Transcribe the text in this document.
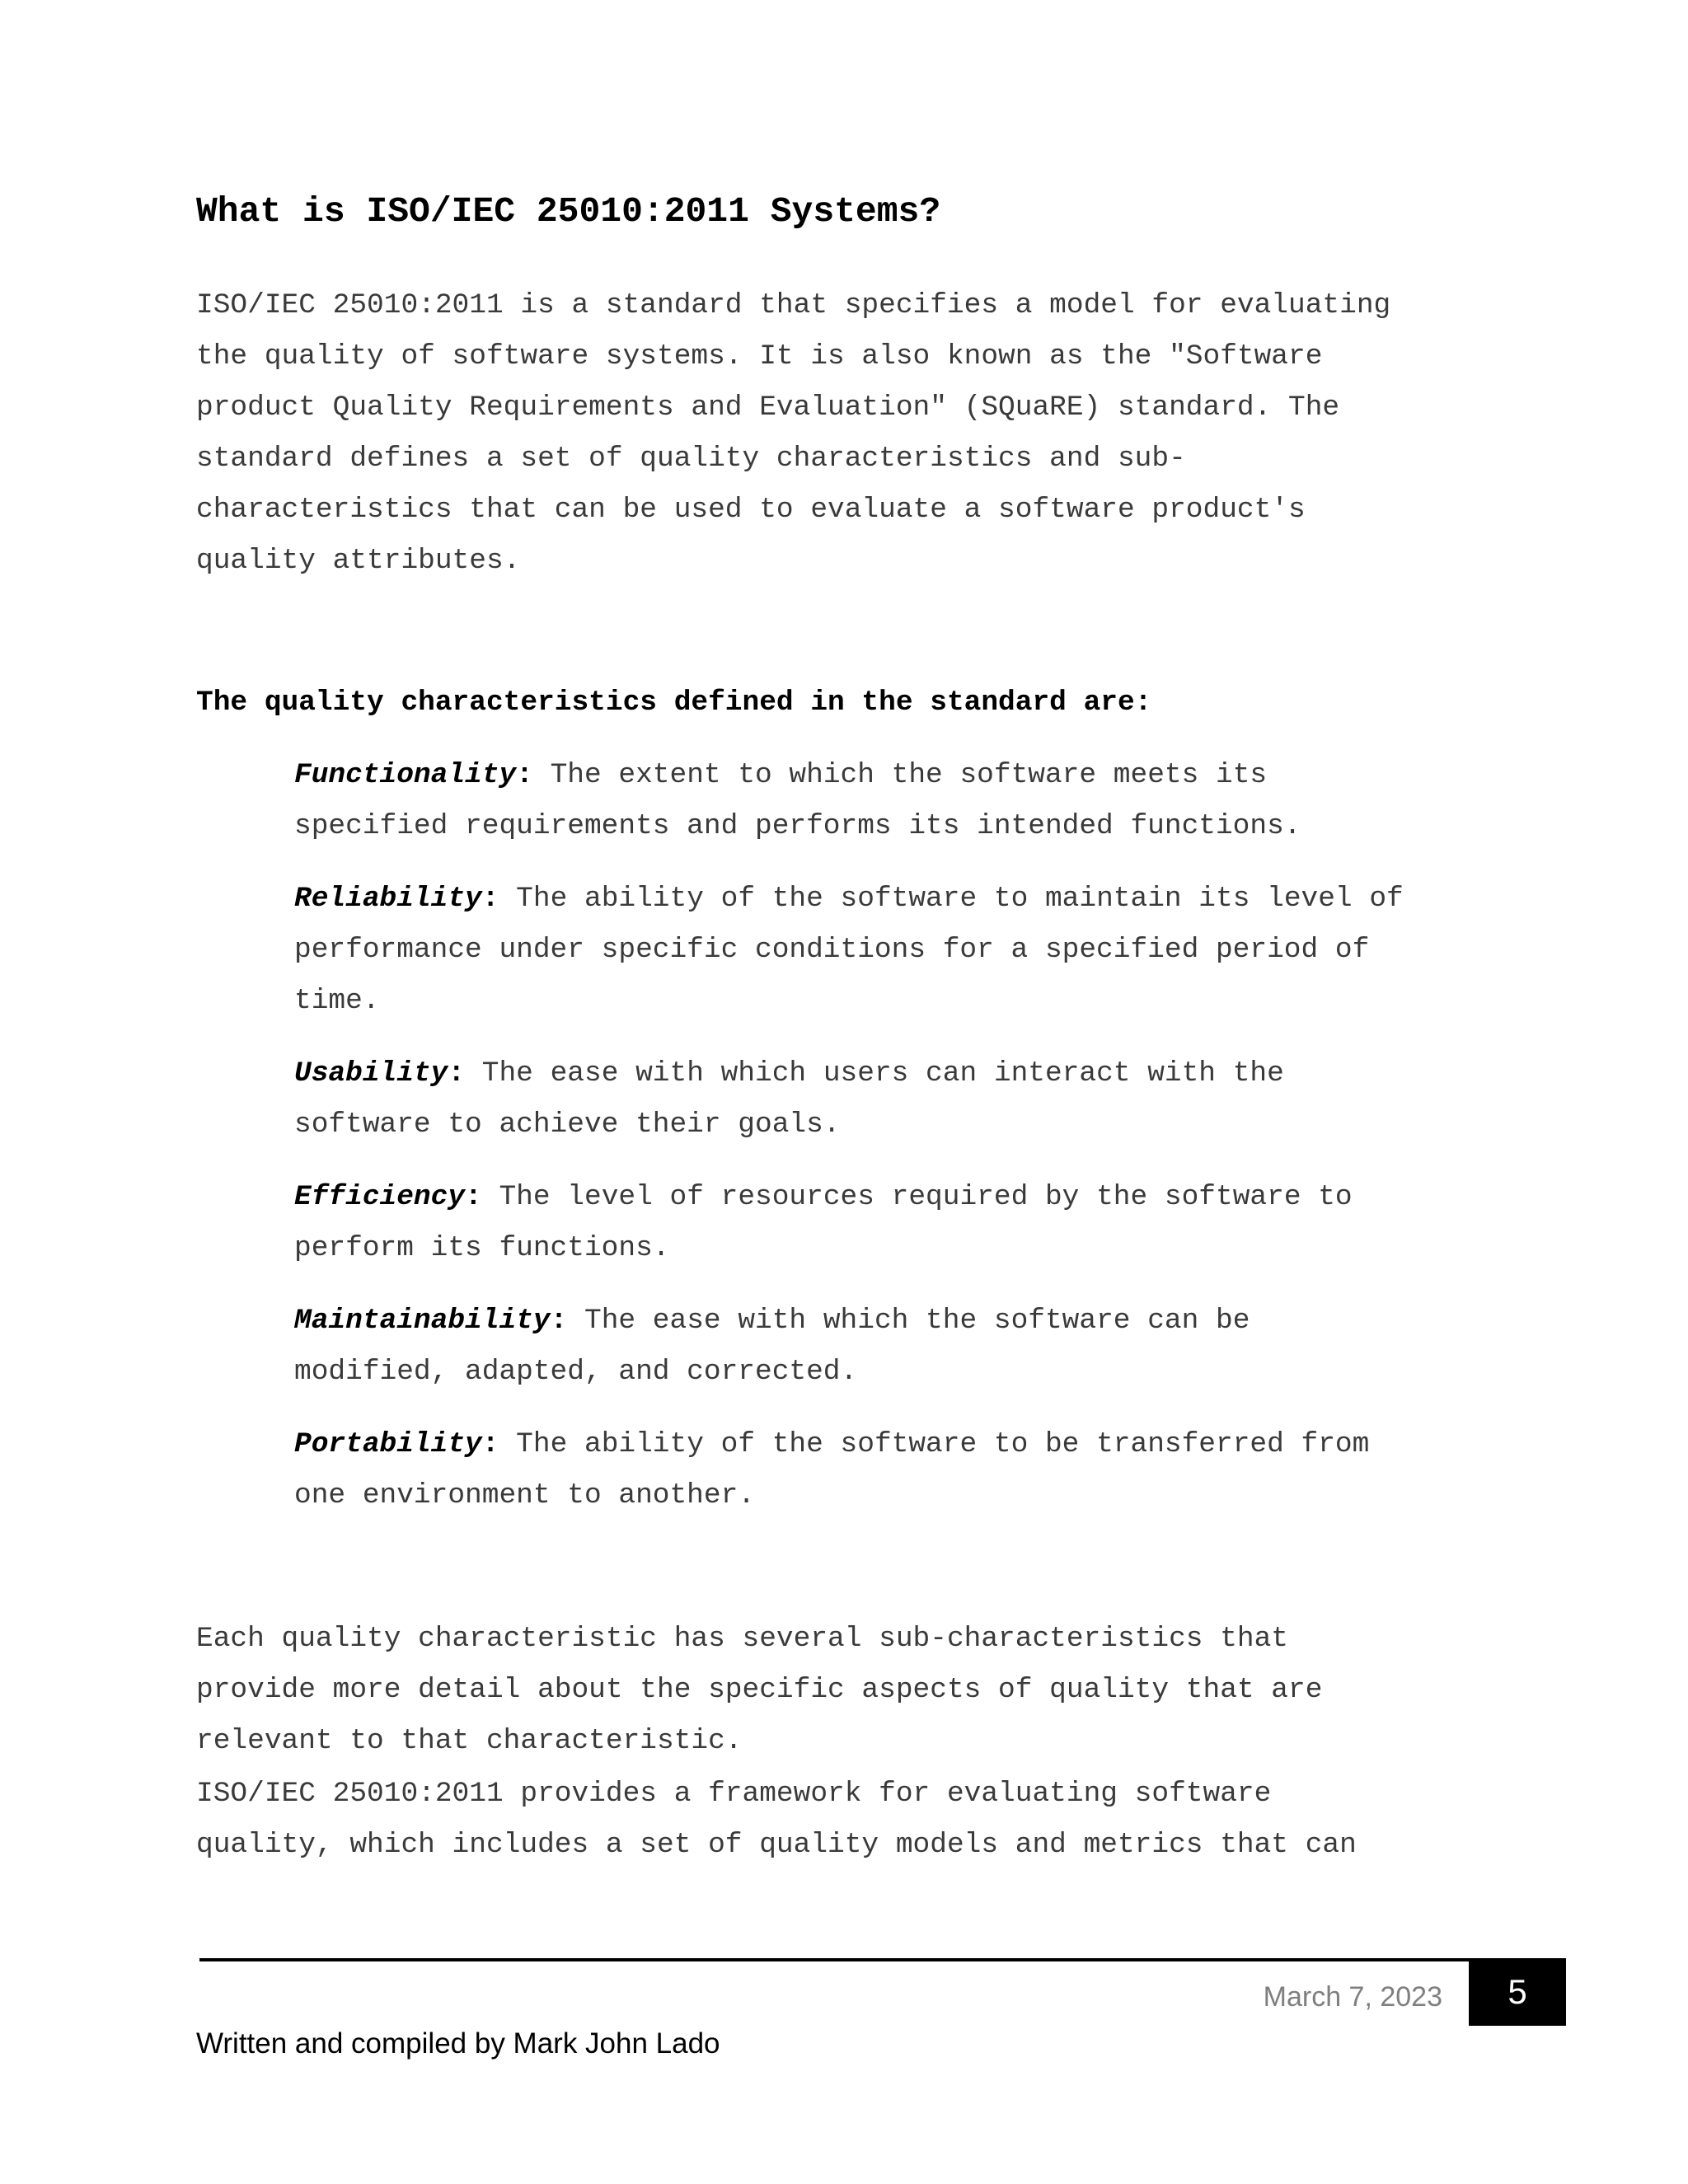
What is ISO/IEC 25010:2011 Systems?

ISO/IEC 25010:2011 is a standard that specifies a model for evaluating
the quality of software systems. It is also known as the "Software
product Quality Requirements and Evaluation" (SQuaRE) standard. The
standard defines a set of quality characteristics and sub-
characteristics that can be used to evaluate a software product's
quality attributes.

The quality characteristics defined in the standard are:

Functionality: The extent to which the software meets its
specified requirements and performs its intended functions.

Reliability: The ability of the software to maintain its level of
performance under specific conditions for a specified period of
time.

Usability: The ease with which users can interact with the
software to achieve their goals.

Efficiency: The level of resources required by the software to
perform its functions.

Maintainability: The ease with which the software can be
modified, adapted, and corrected.

Portability: The ability of the software to be transferred from
one environment to another.

Each quality characteristic has several sub-characteristics that
provide more detail about the specific aspects of quality that are
relevant to that characteristic.

ISO/IEC 25010:2011 provides a framework for evaluating software
quality, which includes a set of quality models and metrics that can

March 7, 2023 5

Written and compiled by Mark John Lado
